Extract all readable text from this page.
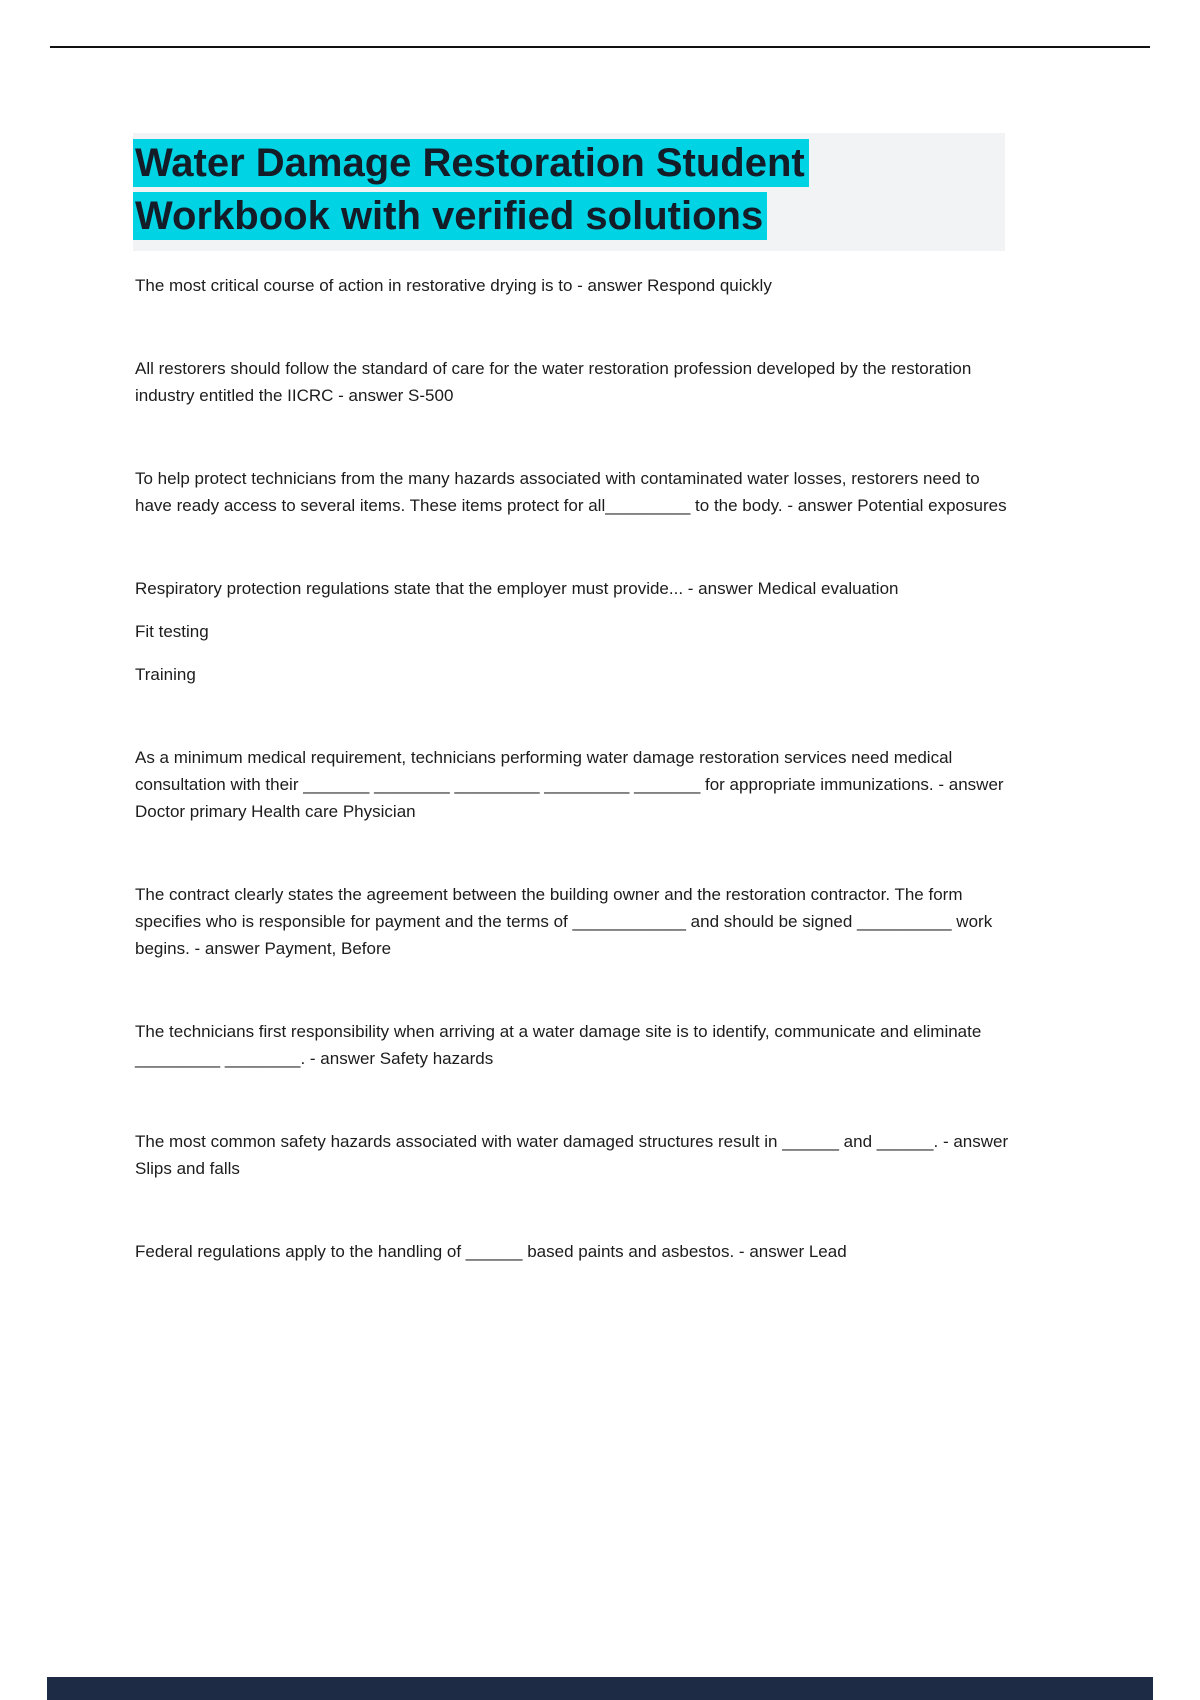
Water Damage Restoration Student
Workbook with verified solutions

The most critical course of action in restorative drying is to - answer Respond quickly

All restorers should follow the standard of care for the water restoration profession developed by the restoration industry entitled the IICRC - answer S-500

To help protect technicians from the many hazards associated with contaminated water losses, restorers need to have ready access to several items. These items protect for all_________ to the body. - answer Potential exposures

Respiratory protection regulations state that the employer must provide... - answer Medical evaluation

Fit testing

Training

As a minimum medical requirement, technicians performing water damage restoration services need medical consultation with their _______ ________ _________ _________ _______ for appropriate immunizations. - answer Doctor primary Health care Physician

The contract clearly states the agreement between the building owner and the restoration contractor. The form specifies who is responsible for payment and the terms of ____________ and should be signed __________ work begins. - answer Payment, Before

The technicians first responsibility when arriving at a water damage site is to identify, communicate and eliminate _________ ________. - answer Safety hazards

The most common safety hazards associated with water damaged structures result in ______ and ______. - answer Slips and falls

Federal regulations apply to the handling of ______ based paints and asbestos. - answer Lead
